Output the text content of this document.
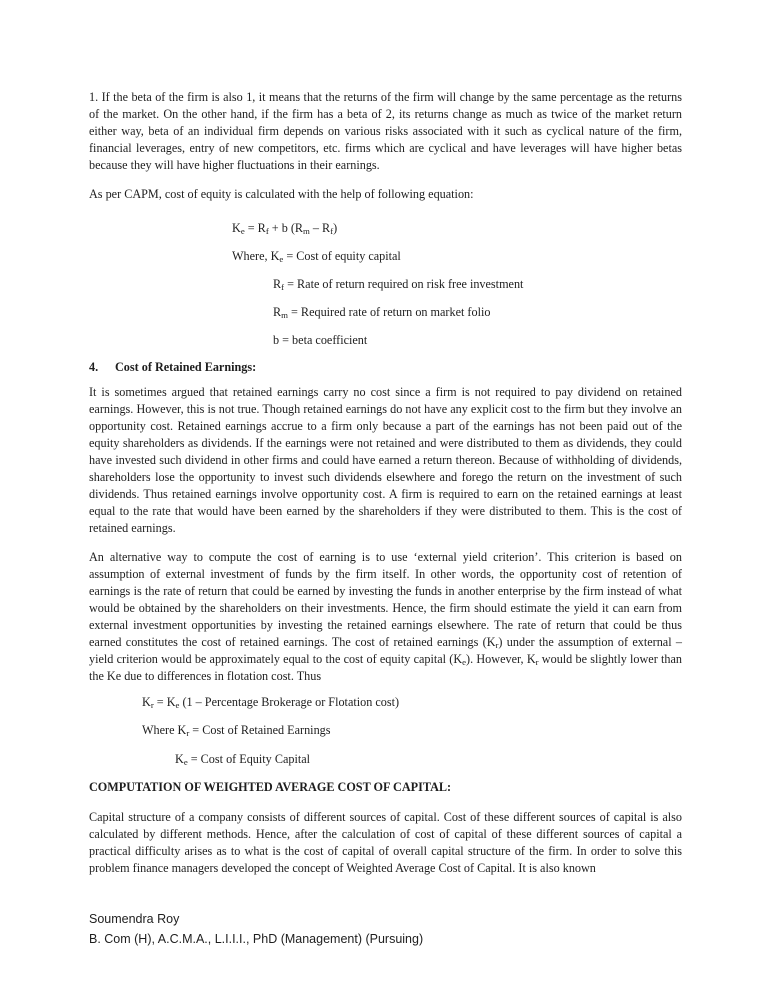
1. If the beta of the firm is also 1, it means that the returns of the firm will change by the same percentage as the returns of the market. On the other hand, if the firm has a beta of 2, its returns change as much as twice of the market return either way, beta of an individual firm depends on various risks associated with it such as cyclical nature of the firm, financial leverages, entry of new competitors, etc. firms which are cyclical and have leverages will have higher betas because they will have higher fluctuations in their earnings.

As per CAPM, cost of equity is calculated with the help of following equation:

$K_e = R_f + b$ $(R_m - R_f)$

Where, $K_e$ = Cost of equity capital

$R_f$ = Rate of return required on risk free investment

$R_m$ = Required rate of return on market folio

b = beta coefficient

4. Cost of Retained Earnings:

It is sometimes argued that retained earnings carry no cost since a firm is not required to pay dividend on retained earnings. However, this is not true. Though retained earnings do not have any explicit cost to the firm but they involve an opportunity cost. Retained earnings accrue to a firm only because a part of the earnings has not been paid out of the equity shareholders as dividends. If the earnings were not retained and were distributed to them as dividends, they could have invested such dividend in other firms and could have earned a return thereon. Because of withholding of dividends, shareholders lose the opportunity to invest such dividends elsewhere and forego the return on the investment of such dividends. Thus retained earnings involve opportunity cost. A firm is required to earn on the retained earnings at least equal to the rate that would have been earned by the shareholders if they were distributed to them. This is the cost of retained earnings.

An alternative way to compute the cost of earning is to use ‘external yield criterion’. This criterion is based on assumption of external investment of funds by the firm itself. In other words, the opportunity cost of retention of earnings is the rate of return that could be earned by investing the funds in another enterprise by the firm instead of what would be obtained by the shareholders on their investments. Hence, the firm should estimate the yield it can earn from external investment opportunities by investing the retained earnings elsewhere. The rate of return that could be thus earned constitutes the cost of retained earnings. The cost of retained earnings $(K_r)$ under the assumption of external – yield criterion would be approximately equal to the cost of equity capital $(K_e)$. However, $K_r$ would be slightly lower than the Ke due to differences in flotation cost. Thus

$K_r = K_e$ (1 – Percentage Brokerage or Flotation cost)

Where $K_r$ = Cost of Retained Earnings

$K_e$ = Cost of Equity Capital

COMPUTATION OF WEIGHTED AVERAGE COST OF CAPITAL:

Capital structure of a company consists of different sources of capital. Cost of these different sources of capital is also calculated by different methods. Hence, after the calculation of cost of capital of these different sources of capital a practical difficulty arises as to what is the cost of capital of overall capital structure of the firm. In order to solve this problem finance managers developed the concept of Weighted Average Cost of Capital. It is also known

Soumendra Roy
B. Com (H), A.C.M.A., L.I.I.I., PhD (Management) (Pursuing)
